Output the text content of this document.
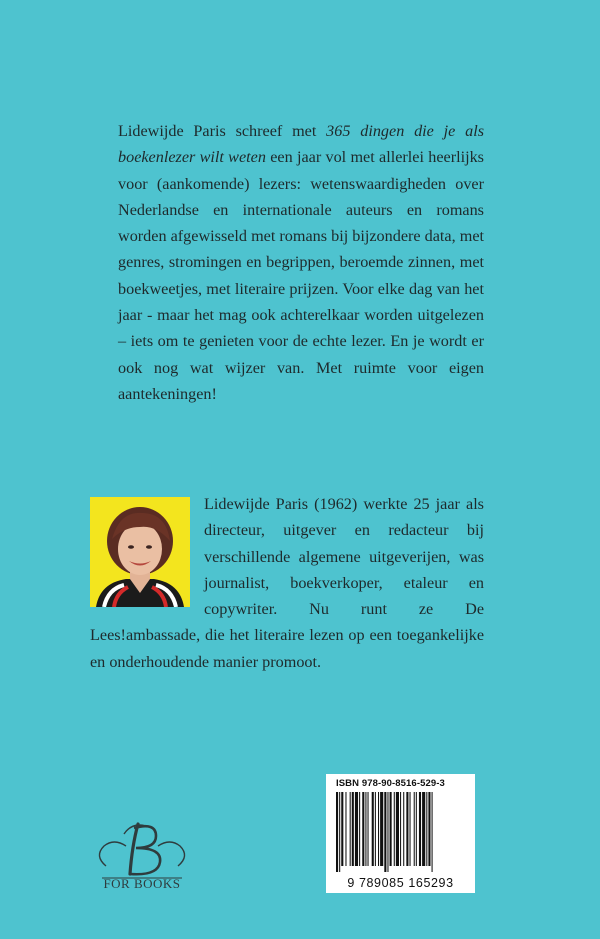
Lidewijde Paris schreef met 365 dingen die je als boekenlezer wilt weten een jaar vol met allerlei heerlijks voor (aankomende) lezers: wetenswaardigheden over Nederlandse en internationale auteurs en romans worden afgewisseld met romans bij bijzondere data, met genres, stromingen en begrippen, beroemde zinnen, met boekweetjes, met literaire prijzen. Voor elke dag van het jaar - maar het mag ook achterelkaar worden uitgelezen – iets om te genieten voor de echte lezer. En je wordt er ook nog wat wijzer van. Met ruimte voor eigen aantekeningen!

Lidewijde Paris (1962) werkte 25 jaar als directeur, uitgever en redacteur bij verschillende algemene uitgeverijen, was journalist, boekverkoper, etaleur en copywriter. Nu runt ze De Lees!ambassade, die het literaire lezen op een toegankelijke en onderhoudende manier promoot.

ISBN 978-90-8516-529-3
9 789085 165293
FOR BOOKS
